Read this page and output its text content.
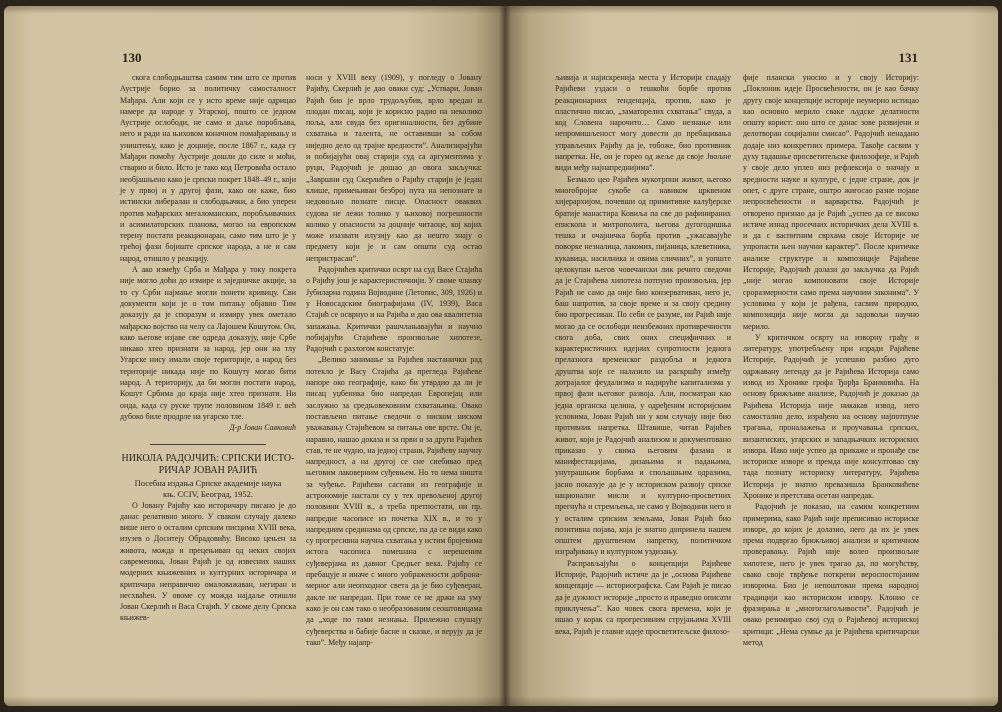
130

скога слободњаштва самим тим што се против Аустрије борио за политичку самосталност Мађара. Али који се у исто време није одрицао намере да народе у Угарској, пошто се једном Аустрије ослободи, не само и даље поробљава, него и ради на њиховом коначном помађаривању и уништењу, како је доцније, после 1867 г., када су Мађари помоћу Аустрије дошли до силе и моћи, стварно и било. Исто је тако код Петровића остало необјашњено како је српски покрет 1848–49 г., који је у првој и у другој фази, како он каже, био истински либералан и слободњачки, а био уперен против мађарских мегаломанских, поробљивачких и асимилаторских планова, могао на европском терену постати реакционаран, само тим што је у трећој фази бојиште српског народа, а не и сам народ, отишло у реакцију.

А ако између Срба и Мађара у току покрета није могло доћи до измире и заједничке акције, за то су Срби најмање могли понети кривицу. Сви документи који је о том питању објавио Тим доказују да је споразум и измиру увек ометало мађарско војство на челу са Лајошем Кошутом. Он, како његове изјаве све одреда доказују, није Србе никако хтео признати за народ, јер они на тлу Угарске нису имали своје територије, а народ без територије никада није по Кошуту могао бити народ. А територију, да би могли постати народ, Кошут Србима до краја није хтео признати. Ни онда, када су руске трупе половином 1849 г. већ дубоко биле продрле на угарско тле.

Д-р Јован Савковић

НИКОЛА РАДОЈЧИЋ: СРПСКИ ИСТО-
РИЧАР ЈОВАН РАЈИЋ

Посебна издања Српске академије наука
књ. CCIV, Београд, 1952.

О Јовану Рајићу као историчару писано је до данас релативно много. У сваком случају далеко више него о осталим српским писцима XVIII века, изузев о Доситеју Обрадовићу. Високо цењен за живота, можда и прецењиван од неких својих савременика, Јован Рајић је од извесних наших модерних књижевних и културних историчара и критичара неправично омаловажаван, негиран и несхваћен. У овоме су можда најдаље отишли Јован Скерлић и Васа Стајић. У своме делу Српска књижев-

носи у XVIII веку (1909), у погледу о Јовану Рајићу, Скерлић је дао оваки суд: „Уствари, Јован Рајић био је врло трудољубив, врло вредан и плодан писац, који је корисно радио на неколико поља, али свуда без оригиналности, без дубине схватања и талента, не оставивши за собом ниједно дело од трајне вредности”. Анализирајући и побијајући овај старији суд са аргументима у руци, Радојчић је дошао до овога закључка: „Завршни суд Скерлићев о Рајићу старији је један клише, примењиван безброј пута на непознате и недовољно познате писце. Опасност оваквих судова не лежи толико у њиховој погрешности колико у опасности за доцније читаоце, кој којих може изазвати илузију као да нешто знају о предмету који је и сам општи суд остао непристрасан”.

Радојчићев критички осврт на суд Васе Стајића о Рајићу још је карактеристичнији. У своме чланку Јубиларна година Војводине (Летопис, 309, 1926) и у Новосадским биографијама (IV, 1939), Васа Стајић се осврнуо и на Рајића и дао ова квалитетна запажања. Критички рашчлањавајући и научно побијајући Стајићеве произвољне хипотезе, Радојчић с разлогом констатује:

„Велико занимање за Рајићев настанички рад потекло је Васу Стајића да прегледа Рајићеве напоре око географије, како би утврдио да ли је писац уџбеника био напредан Европејац или заслужио за средњовековним схватањима. Овако постављено питање сведочи о ниском ниском уважавању Стајићевом за питања ове врсте. Он је, наравно, нашао доказа и за први и за други Рајићев став, те не чудно, на једној страни, Рајићеву научну напредност, а на другој се сне сиебивао пред његовим лаковерним суђевњем. Но то нема ништа за чуђење. Рајићеви састави из географије и астрономије настали су у тек превољеној другој половини XVIII в., а треба претпостати, ни пр. напредне часописе из почетка XIX в., и то у напредним срединама од српске, па да се види како су прогресивна научна схватања у истим бројевима истога часописа помешана с нерешеним суђеверјама из давног Средњег века. Рајићу се пребацује и иначе с много уображености доброна-мерног али неопходног света да је био суђеверан, дакле не напредан. При томе се не држи на уму како је он сам тако о необразованим сеоштовицама да „ходе по тами незнања. Прилежно слушају суђеверства и бабије басне и сказке, и верују да је тако”. Међу најапр-

131

љивија и најискренија места у Историји спадају Рајићеви уздаси о тешкоћи борбе против реакционарних тенденција, против, како је пластично писао, „заматорелих схватања” свуда, а код Словена нарочито… Само незнање или непромишљеност могу довести до пребацивања управљених Рајићу да је, тобоже, био противник напретка. Не, он је горео од жеље да своје Јвољне види међу најнапреднијима”.

Безмало цео Рајићев мукотрпни живот, његово многобројне сукобе са навиком црквеном хијерархијом, почевши од примитивне калуђерске братије манастира Ковиља па све до рафинираних епископа и митрополита, његова дугогодишња тешка и очајничка борба против „ужасавајуће поворке незналица, лакомих, пијаница, клеветника, кукавица, насилника и овима сличних”, и уопште целокупан његов човечански лик речито сведочи да је Стајићева хипотеза потпуно произвољна, јер Рајић не само да није био конзервативан, него је, баш напротив, за своје време и за своју средину био прогресиван. По себи се разуме, ни Рајић није могао да се ослободи неизбежних противречности свога доба, свих оних специфичних и карактеристичних идејних супротности једнога прелазнога временског раздобља и једнога друштва које се налазило на раскршћу између дотрајалог феудализма и надируће капитализма у првој фази његовог развоја. Али, посматран као једна органска целина, у одређеним историјским условима, Јован Рајић ни у ком случају није био противник напретка. Штавише, читав Рајићев живот, који је Радојчић анализом и документовано приказао у свима његовим фазама и манифестацијама, дизањима и падањима, унутрашњим борбама и спољашњим одразима, јасно показује да је у историском развоју српске националне мисли и културно-просветних прегнућа и стремљења, не само у Војводини него и у осталим српским земљама, Јован Рајић био позитивна појава, која је знатно допринела нашем општем друштвеном напретку, политичком изграђивању и културном уздизању.

Расправљајући о концепцији Рајићеве Историје, Радојчић истиче да је „основа Рајићеве концепције — историографска. Сам Рајић је писао да је дужност историје „просто и праведно описати приклучења”. Као човек свога времена, који је ишао у корак са прогресивним струјањима XVIII века, Рајић је главне идеје просветитељске филозо-

фије плански уносио и у своју Историју: „Поклоник идеје Просвећености, он је као бачку другу своје концепције историје неумерно истицао као основно мерило свакe људске делатности општу корист: оно што се данас зове развијени и делотворан социјални смисао”. Радојчић ненадано додаје низ конкретних примера. Такође сасвим у духу тадашње просветитељске филозофије, и Рајић у своје дело уплео низ рефлексија о значају и вредности науке и културе, с једне стране, док је опет, с друге стране, оштро жигосао разне појаве непросвећености и варварства. Радојчић је отворено признао да је Рајић „успео да се високо истиче изнад просечних историчких дела XVIII в. и да с васпитним сврхама своје Историје не упропасти њен научни карактер”. После критичке анализе структуре и композиције Рајићеве Историје, Радојчић долази до закључка да Рајић „није могао компоновати своје Историје сроразмерности само према научним законима”. У условима у који је рађена, сасвим природно, композиција није могла да задовољи научно мерило.

У критичком осврту на изворну грађу и литературу, употребљену при изради Рајићеве Историје, Радојчић је успешно разбио дуго одржавану легенду да је Рајићева Историја само извод из Хронике грофа Ђорђа Бранковића. На основу брижљиве анализе, Радојчић је доказао да Рајићева Историја није никакав извод, него самостално дело, израђено на основу најпотпуне трагања, проналажења и проучавања српских, византиских, угарских и западњачких историских извора. Иако није успео да прикаже и пронађе све историске изворе и премда није консултовао сву тада познату историску литературу, Рајићева Историја је знатно превазишла Бранковићеве Хронике и претстава осетан напредак.

Радојчић је показао, на самим конкретним примерима, како Рајић није преписивао историске изворе, до којих је долазио, него да их је увек према подвргао брижљивој анализи и критичном проверавању. Рајић није волео произвољне хипотезе, него је увек трагао да, по могућству, свако своје тврђење поткрепи вероспостојаним изворима. Био је непоштован према народној традицији као историском извору. Клонио се фразирања и „многоглагољивости”. Радојчић је овако резимирао свој суд о Рајићевој историској критици: „Нема сумње да је Рајићева критичарски метод
